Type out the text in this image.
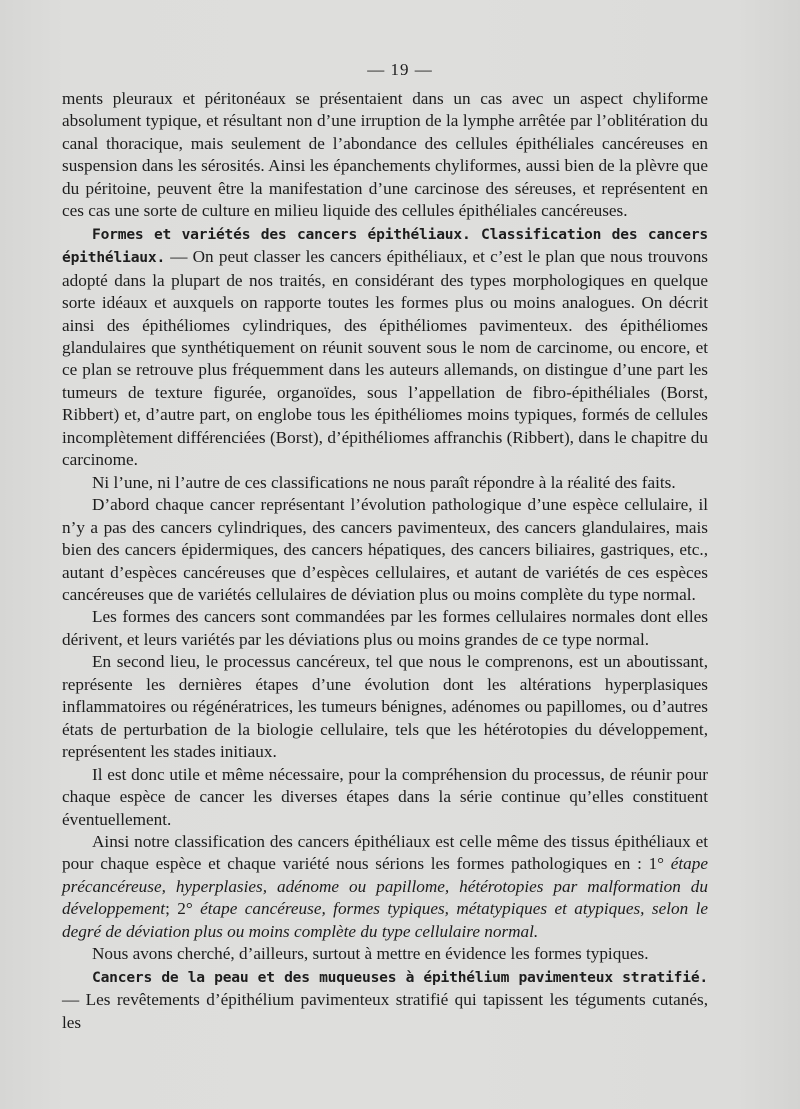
— 19 —

ments pleuraux et péritonéaux se présentaient dans un cas avec un aspect chyliforme absolument typique, et résultant non d’une irruption de la lymphe arrêtée par l’oblitération du canal thoracique, mais seulement de l’abondance des cellules épithéliales cancéreuses en suspension dans les sérosités. Ainsi les épanchements chyliformes, aussi bien de la plèvre que du péritoine, peuvent être la manifestation d’une carcinose des séreuses, et représentent en ces cas une sorte de culture en milieu liquide des cellules épithéliales cancéreuses.

Formes et variétés des cancers épithéliaux. Classification des cancers épithéliaux. — On peut classer les cancers épithéliaux, et c’est le plan que nous trouvons adopté dans la plupart de nos traités, en considérant des types morphologiques en quelque sorte idéaux et auxquels on rapporte toutes les formes plus ou moins analogues. On décrit ainsi des épithéliomes cylindriques, des épithéliomes pavimenteux. des épithéliomes glandulaires que synthétiquement on réunit souvent sous le nom de carcinome, ou encore, et ce plan se retrouve plus fréquemment dans les auteurs allemands, on distingue d’une part les tumeurs de texture figurée, organoïdes, sous l’appellation de fibro-épithéliales (Borst, Ribbert) et, d’autre part, on englobe tous les épithéliomes moins typiques, formés de cellules incomplètement différenciées (Borst), d’épithéliomes affranchis (Ribbert), dans le chapitre du carcinome.

Ni l’une, ni l’autre de ces classifications ne nous paraît répondre à la réalité des faits.

D’abord chaque cancer représentant l’évolution pathologique d’une espèce cellulaire, il n’y a pas des cancers cylindriques, des cancers pavimenteux, des cancers glandulaires, mais bien des cancers épidermiques, des cancers hépatiques, des cancers biliaires, gastriques, etc., autant d’espèces cancéreuses que d’espèces cellulaires, et autant de variétés de ces espèces cancéreuses que de variétés cellulaires de déviation plus ou moins complète du type normal.

Les formes des cancers sont commandées par les formes cellulaires normales dont elles dérivent, et leurs variétés par les déviations plus ou moins grandes de ce type normal.

En second lieu, le processus cancéreux, tel que nous le comprenons, est un aboutissant, représente les dernières étapes d’une évolution dont les altérations hyperplasiques inflammatoires ou régénératrices, les tumeurs bénignes, adénomes ou papillomes, ou d’autres états de perturbation de la biologie cellulaire, tels que les hétérotopies du développement, représentent les stades initiaux.

Il est donc utile et même nécessaire, pour la compréhension du processus, de réunir pour chaque espèce de cancer les diverses étapes dans la série continue qu’elles constituent éventuellement.

Ainsi notre classification des cancers épithéliaux est celle même des tissus épithéliaux et pour chaque espèce et chaque variété nous sérions les formes pathologiques en : 1° étape précancéreuse, hyperplasies, adénome ou papillome, hétérotopies par malformation du développement; 2° étape cancéreuse, formes typiques, métatypiques et atypiques, selon le degré de déviation plus ou moins complète du type cellulaire normal.

Nous avons cherché, d’ailleurs, surtout à mettre en évidence les formes typiques.

Cancers de la peau et des muqueuses à épithélium pavimenteux stratifié. — Les revêtements d’épithélium pavimenteux stratifié qui tapissent les téguments cutanés, les
